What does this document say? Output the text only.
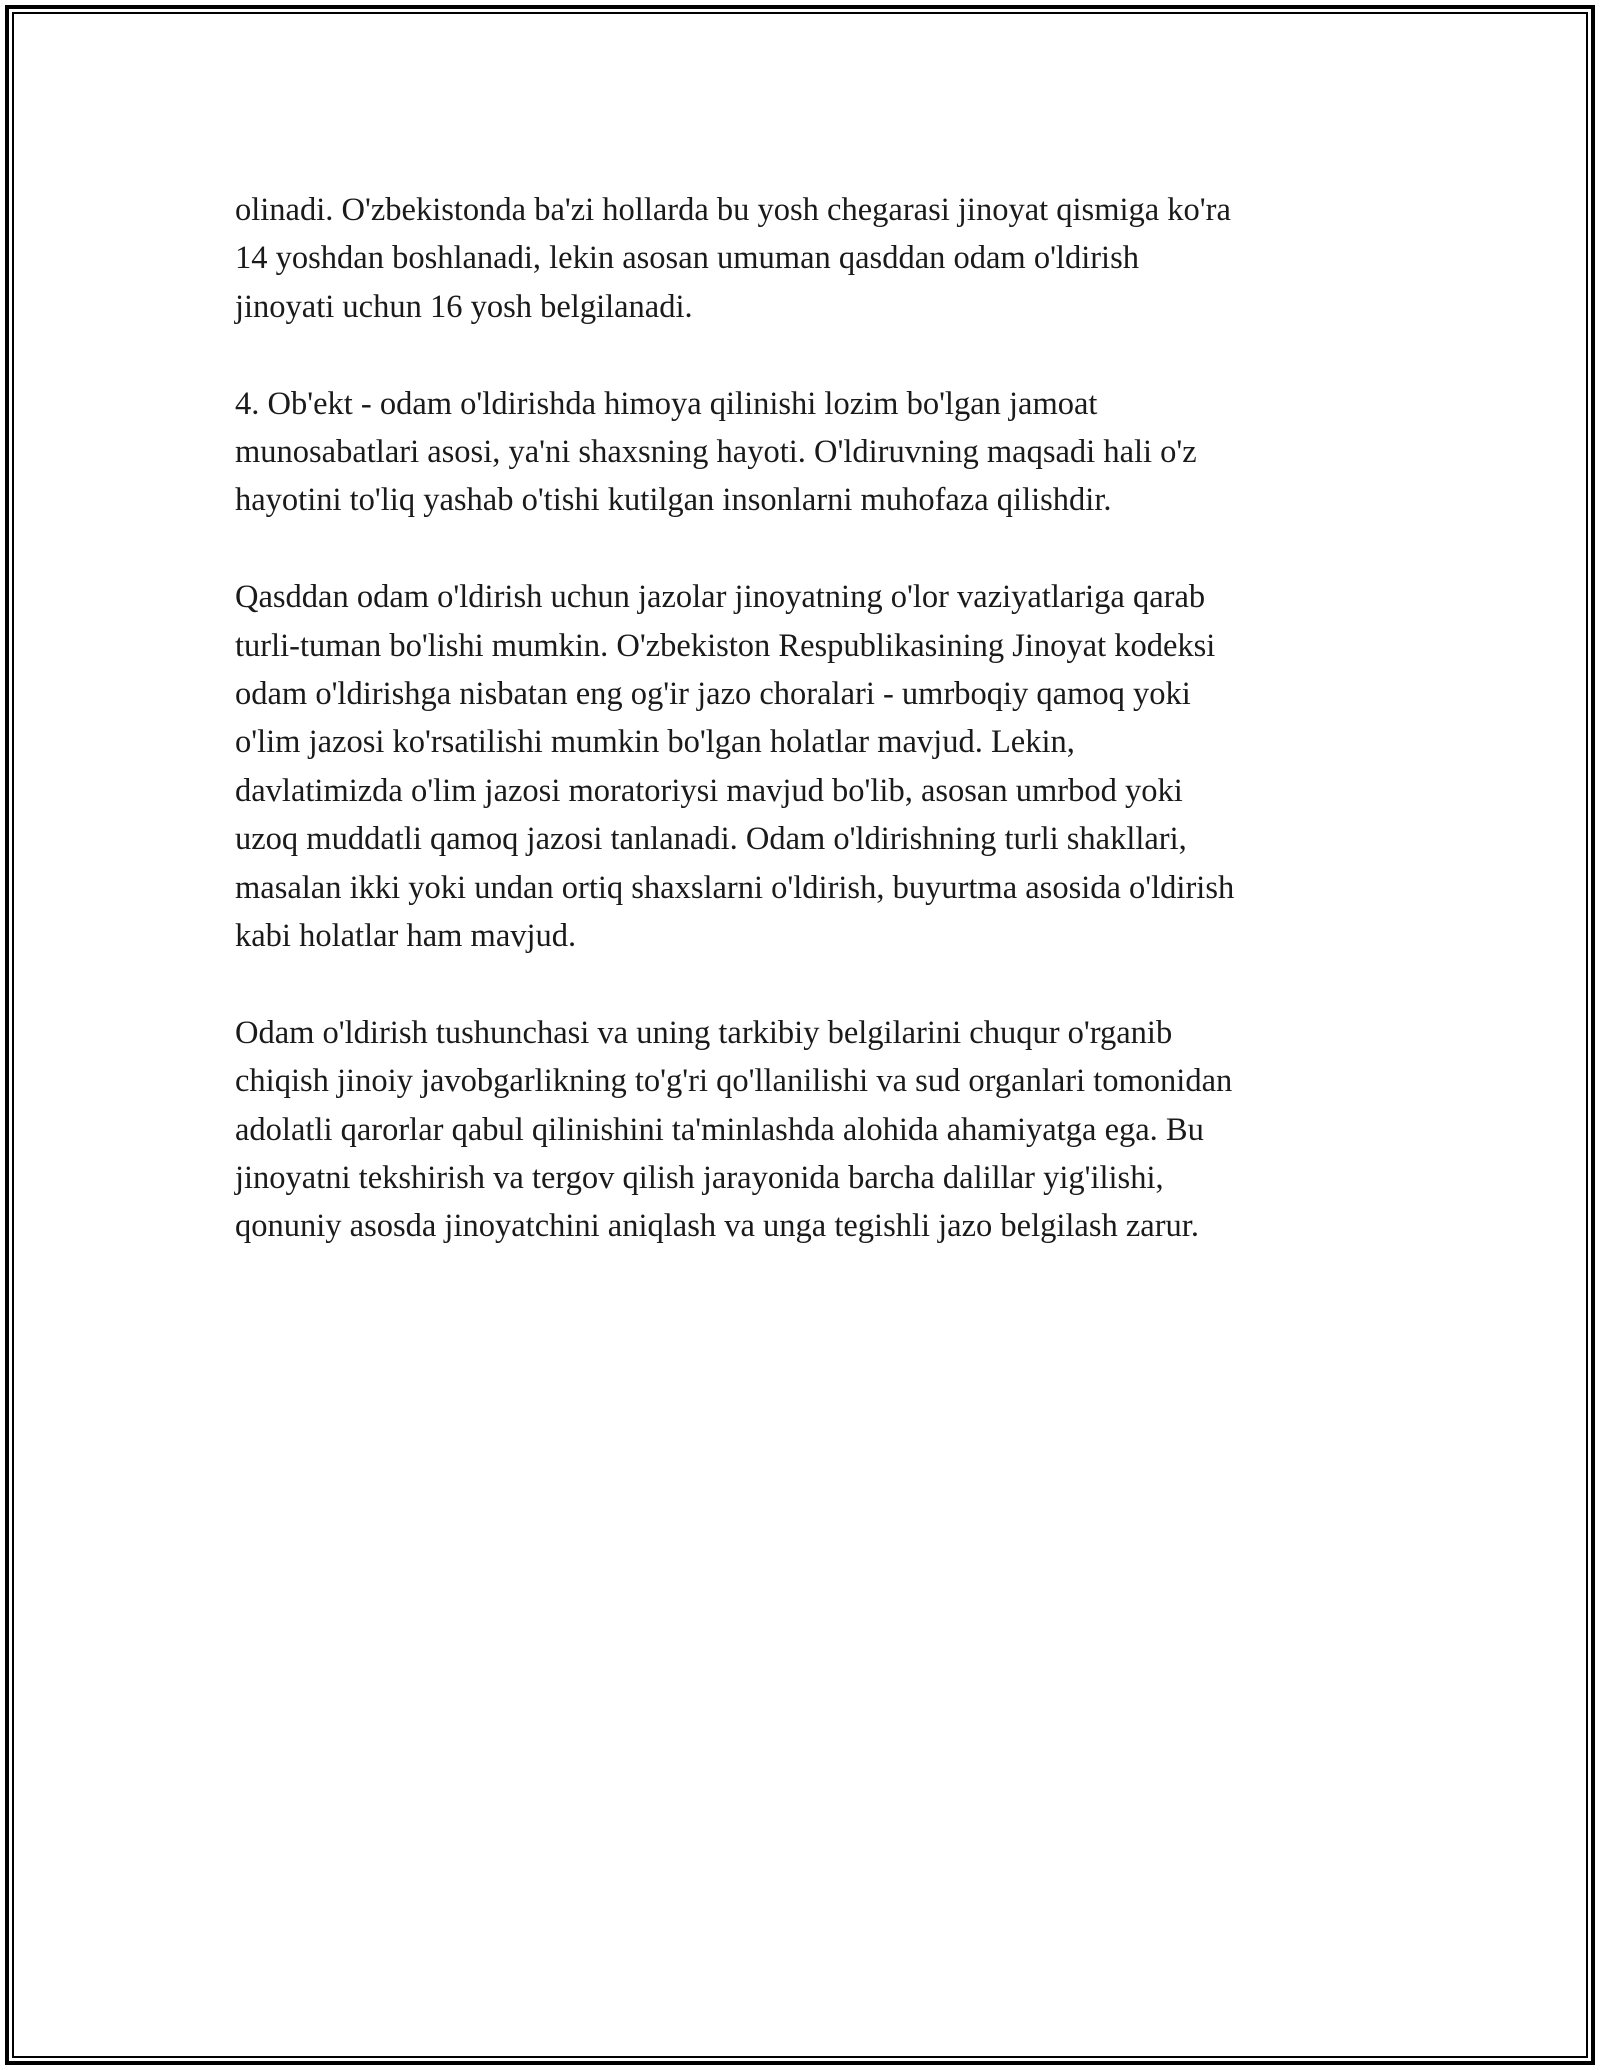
olinadi. O'zbekistonda ba'zi hollarda bu yosh chegarasi jinoyat qismiga ko'ra
14 yoshdan boshlanadi, lekin asosan umuman qasddan odam o'ldirish
jinoyati uchun 16 yosh belgilanadi.
4. Ob'ekt - odam o'ldirishda himoya qilinishi lozim bo'lgan jamoat
munosabatlari asosi, ya'ni shaxsning hayoti. O'ldiruvning maqsadi hali o'z
hayotini to'liq yashab o'tishi kutilgan insonlarni muhofaza qilishdir.
Qasddan odam o'ldirish uchun jazolar jinoyatning o'lor vaziyatlariga qarab
turli-tuman bo'lishi mumkin. O'zbekiston Respublikasining Jinoyat kodeksi
odam o'ldirishga nisbatan eng og'ir jazo choralari - umrboqiy qamoq yoki
o'lim jazosi ko'rsatilishi mumkin bo'lgan holatlar mavjud. Lekin,
davlatimizda o'lim jazosi moratoriysi mavjud bo'lib, asosan umrbod yoki
uzoq muddatli qamoq jazosi tanlanadi. Odam o'ldirishning turli shakllari,
masalan ikki yoki undan ortiq shaxslarni o'ldirish, buyurtma asosida o'ldirish
kabi holatlar ham mavjud.
Odam o'ldirish tushunchasi va uning tarkibiy belgilarini chuqur o'rganib
chiqish jinoiy javobgarlikning to'g'ri qo'llanilishi va sud organlari tomonidan
adolatli qarorlar qabul qilinishini ta'minlashda alohida ahamiyatga ega. Bu
jinoyatni tekshirish va tergov qilish jarayonida barcha dalillar yig'ilishi,
qonuniy asosda jinoyatchini aniqlash va unga tegishli jazo belgilash zarur.
